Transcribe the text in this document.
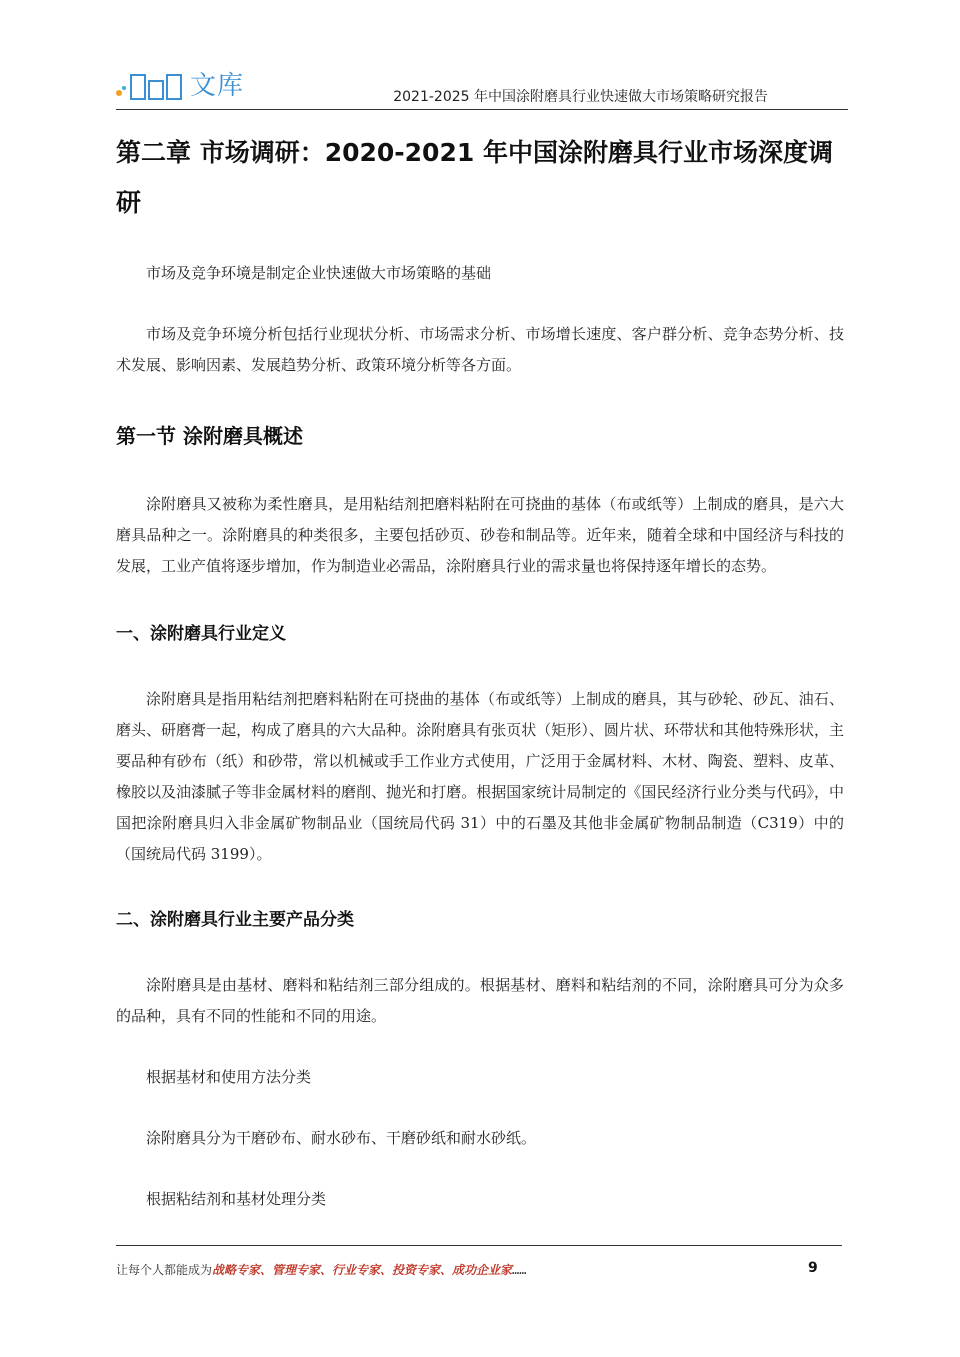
文库	2021-2025 年中国涂附磨具行业快速做大市场策略研究报告
第二章 市场调研：2020-2021 年中国涂附磨具行业市场深度调研

市场及竞争环境是制定企业快速做大市场策略的基础

市场及竞争环境分析包括行业现状分析、市场需求分析、市场增长速度、客户群分析、竞争态势分析、技术发展、影响因素、发展趋势分析、政策环境分析等各方面。

第一节 涂附磨具概述

涂附磨具又被称为柔性磨具，是用粘结剂把磨料粘附在可挠曲的基体（布或纸等）上制成的磨具，是六大磨具品种之一。涂附磨具的种类很多，主要包括砂页、砂卷和制品等。近年来，随着全球和中国经济与科技的发展，工业产值将逐步增加，作为制造业必需品，涂附磨具行业的需求量也将保持逐年增长的态势。

一、涂附磨具行业定义

涂附磨具是指用粘结剂把磨料粘附在可挠曲的基体（布或纸等）上制成的磨具，其与砂轮、砂瓦、油石、磨头、研磨膏一起，构成了磨具的六大品种。涂附磨具有张页状（矩形）、圆片状、环带状和其他特殊形状，主要品种有砂布（纸）和砂带，常以机械或手工作业方式使用，广泛用于金属材料、木材、陶瓷、塑料、皮革、橡胶以及油漆腻子等非金属材料的磨削、抛光和打磨。根据国家统计局制定的《国民经济行业分类与代码》，中国把涂附磨具归入非金属矿物制品业（国统局代码 31）中的石墨及其他非金属矿物制品制造（C319）中的（国统局代码 3199）。

二、涂附磨具行业主要产品分类

涂附磨具是由基材、磨料和粘结剂三部分组成的。根据基材、磨料和粘结剂的不同，涂附磨具可分为众多的品种，具有不同的性能和不同的用途。

根据基材和使用方法分类

涂附磨具分为干磨砂布、耐水砂布、干磨砂纸和耐水砂纸。

根据粘结剂和基材处理分类

让每个人都能成为战略专家、管理专家、行业专家、投资专家、成功企业家……	9
